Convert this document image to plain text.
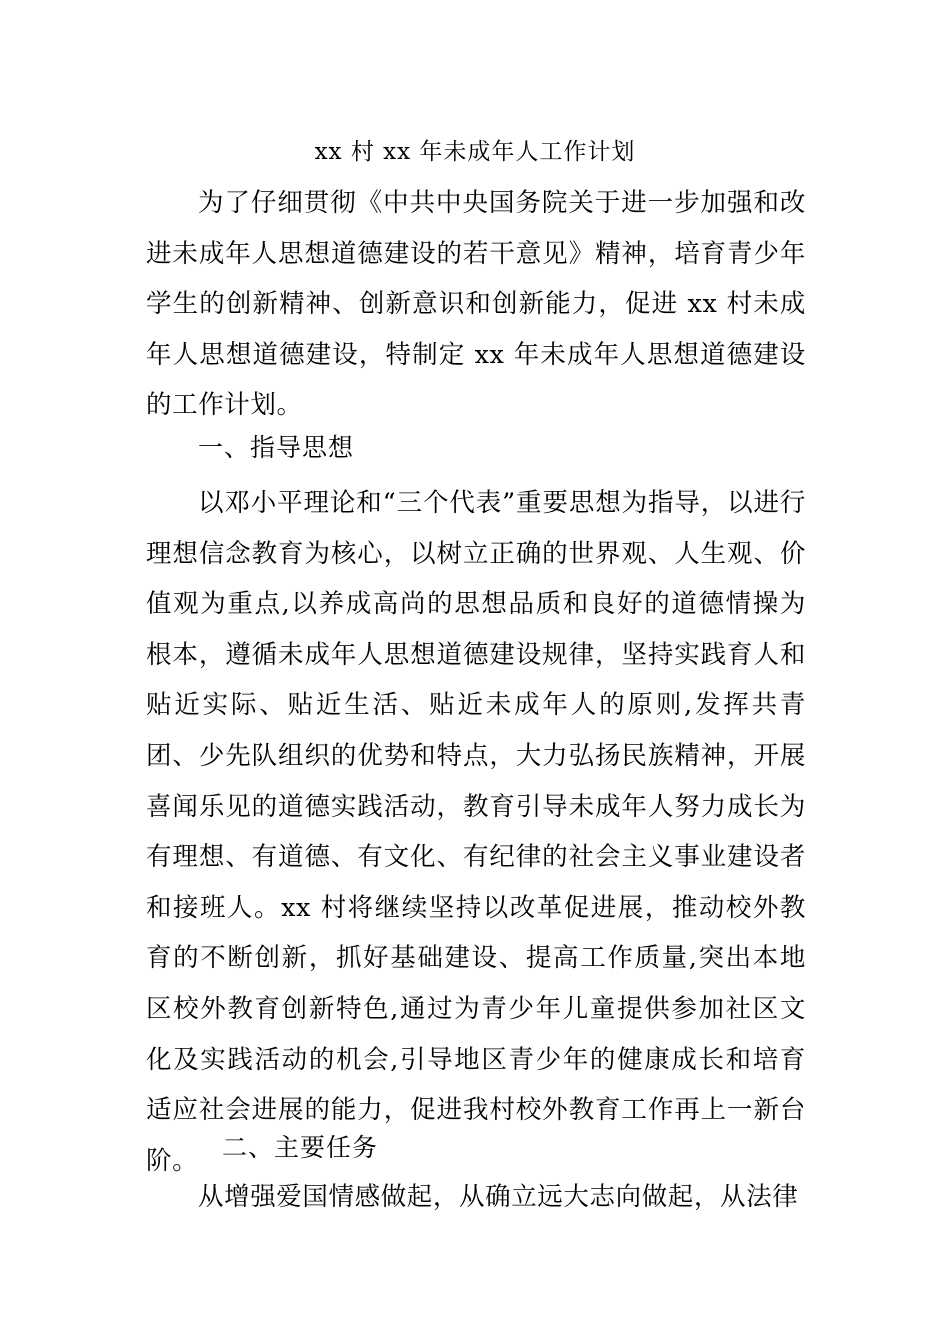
xx 村 xx 年未成年人工作计划
为了仔细贯彻《中共中央国务院关于进一步加强和改进未成年人思想道德建设的若干意见》精神，培育青少年学生的创新精神、创新意识和创新能力，促进 xx 村未成年人思想道德建设，特制定 xx 年未成年人思想道德建设的工作计划。
一、指导思想
以邓小平理论和“三个代表”重要思想为指导，以进行理想信念教育为核心，以树立正确的世界观、人生观、价值观为重点,以养成高尚的思想品质和良好的道德情操为根本，遵循未成年人思想道德建设规律，坚持实践育人和贴近实际、贴近生活、贴近未成年人的原则,发挥共青团、少先队组织的优势和特点，大力弘扬民族精神，开展喜闻乐见的道德实践活动，教育引导未成年人努力成长为有理想、有道德、有文化、有纪律的社会主义事业建设者和接班人。xx 村将继续坚持以改革促进展，推动校外教育的不断创新，抓好基础建设、提高工作质量,突出本地区校外教育创新特色,通过为青少年儿童提供参加社区文化及实践活动的机会,引导地区青少年的健康成长和培育适应社会进展的能力，促进我村校外教育工作再上一新台阶。 二、主要任务
从增强爱国情感做起，从确立远大志向做起，从法律
